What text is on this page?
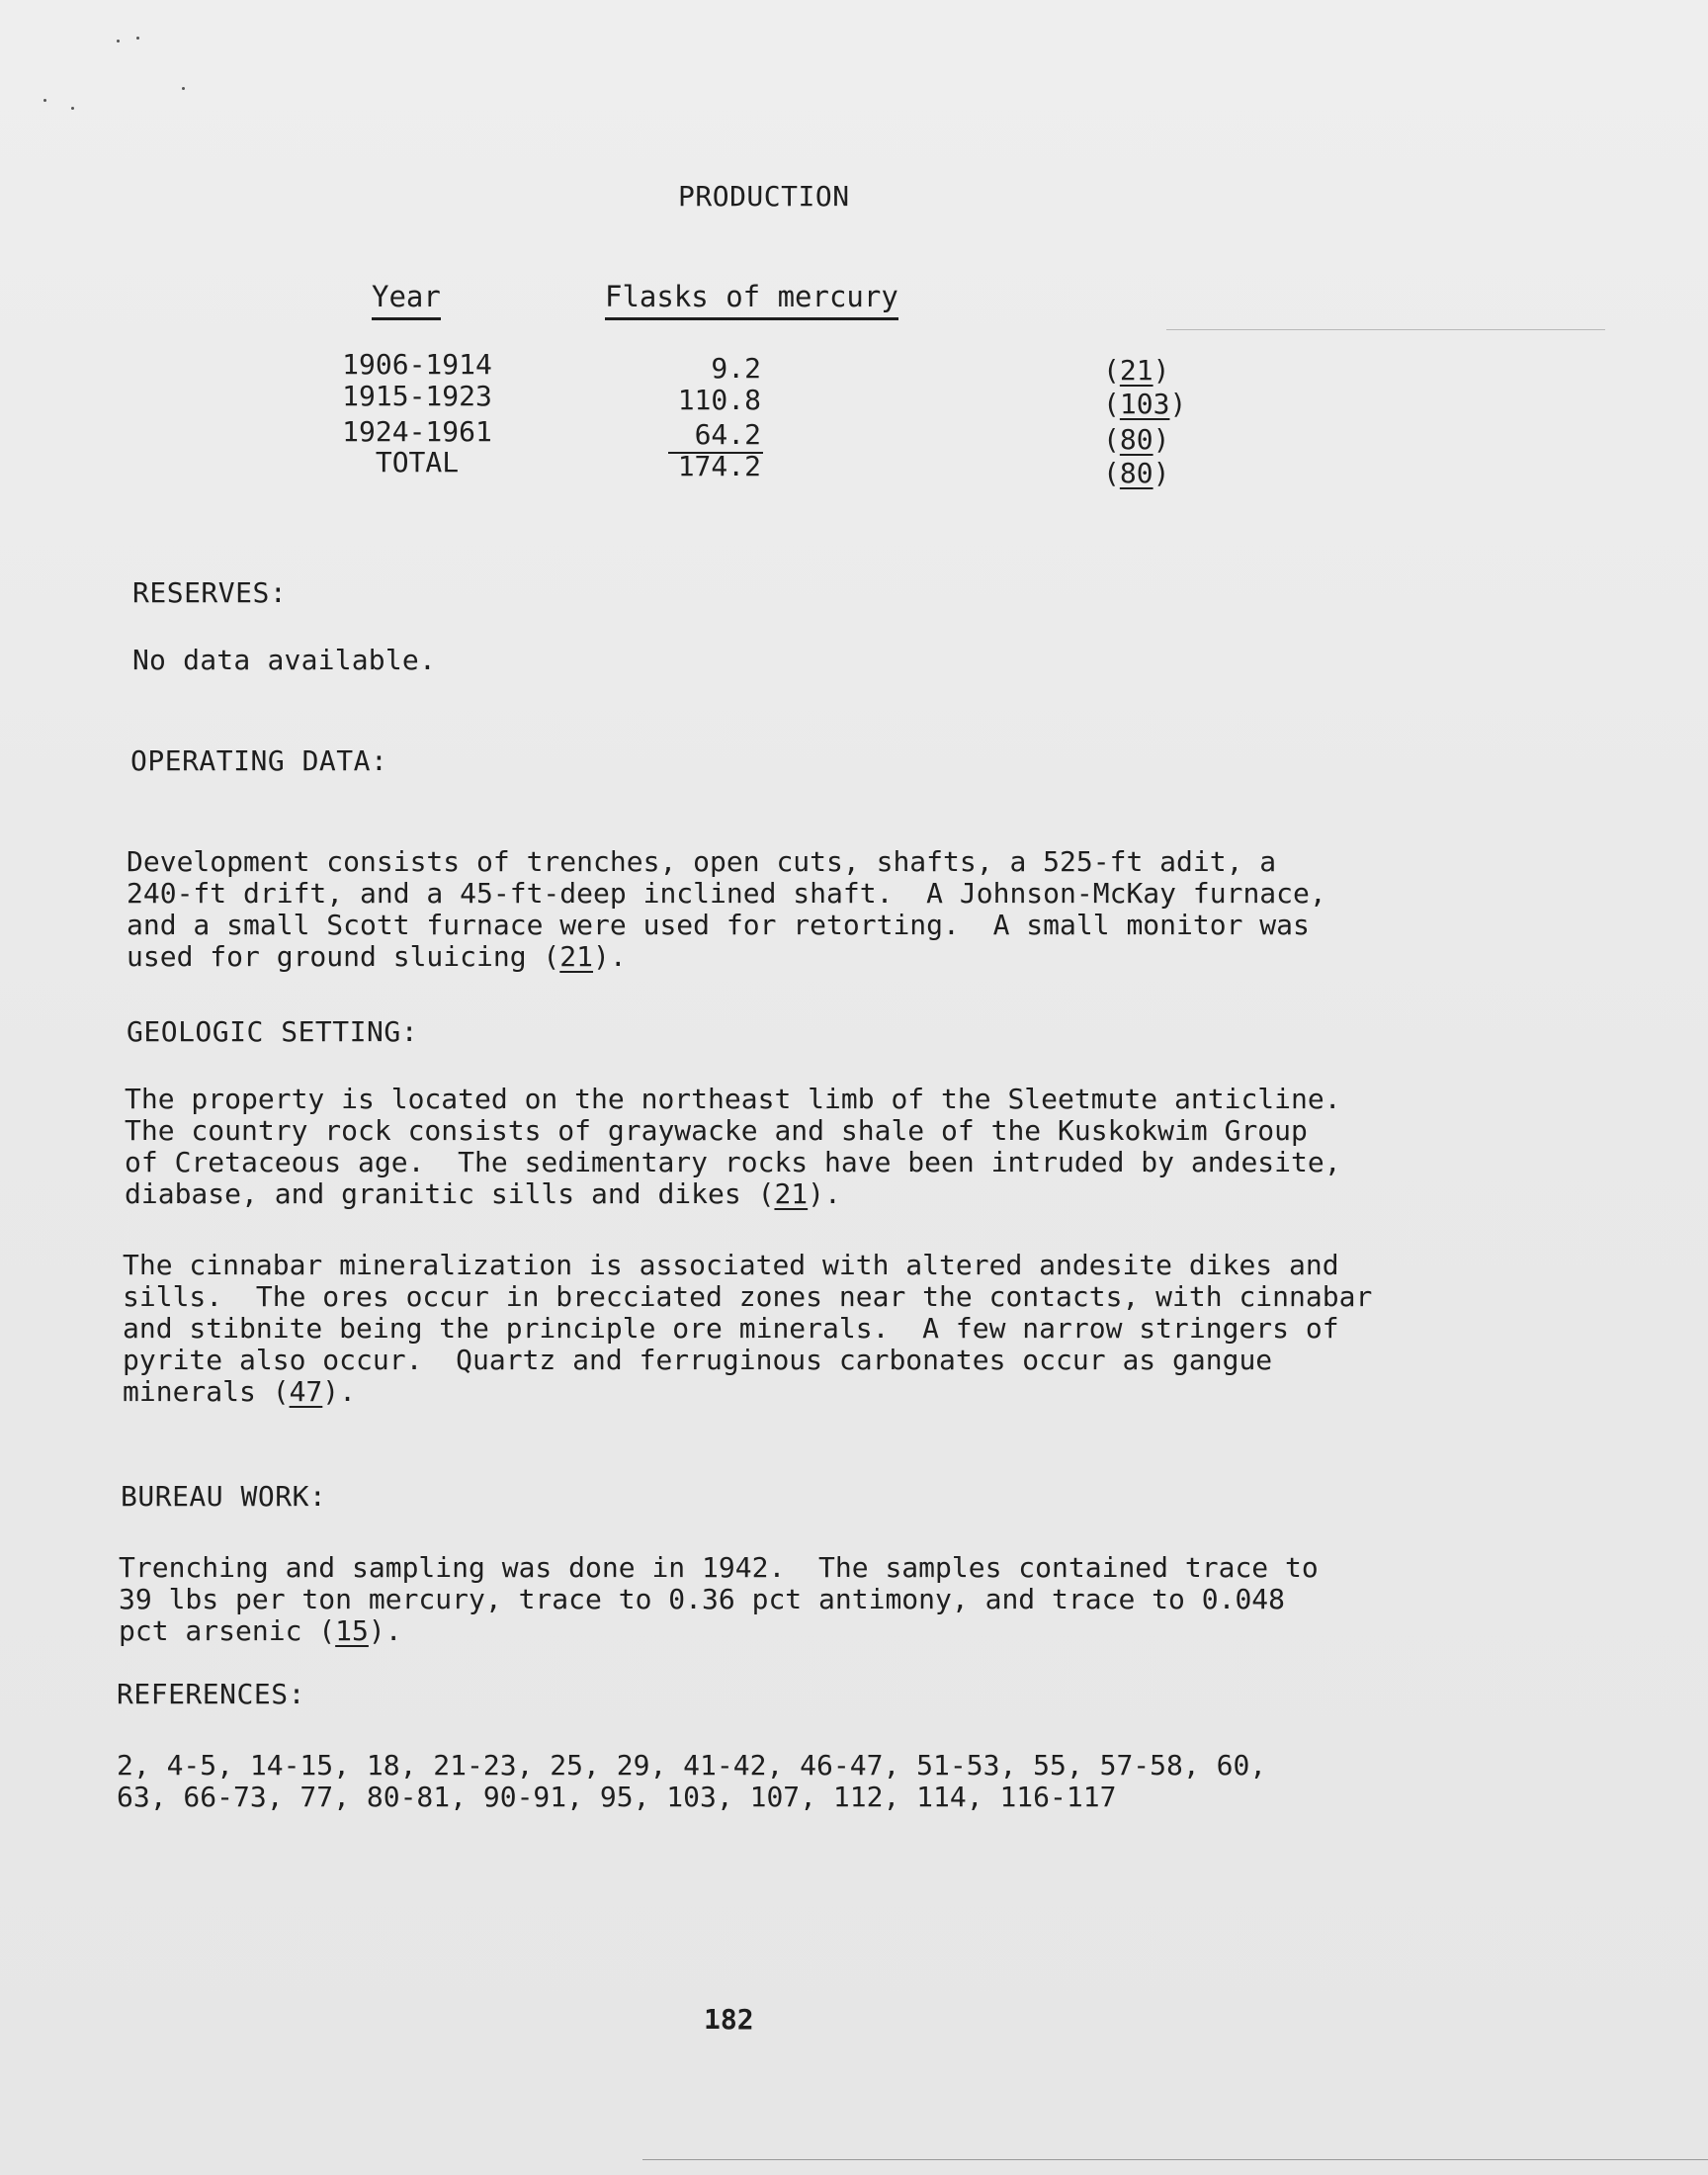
PRODUCTION
Year	Flasks of mercury
1906-1914	9.2	(21)
1915-1923	110.8	(103)
1924-1961	64.2	(80)
TOTAL	174.2	(80)
RESERVES:
No data available.
OPERATING DATA:
Development consists of trenches, open cuts, shafts, a 525-ft adit, a
240-ft drift, and a 45-ft-deep inclined shaft.  A Johnson-McKay furnace,
and a small Scott furnace were used for retorting.  A small monitor was
used for ground sluicing (21).
GEOLOGIC SETTING:
The property is located on the northeast limb of the Sleetmute anticline.
The country rock consists of graywacke and shale of the Kuskokwim Group
of Cretaceous age.  The sedimentary rocks have been intruded by andesite,
diabase, and granitic sills and dikes (21).
The cinnabar mineralization is associated with altered andesite dikes and
sills.  The ores occur in brecciated zones near the contacts, with cinnabar
and stibnite being the principle ore minerals.  A few narrow stringers of
pyrite also occur.  Quartz and ferruginous carbonates occur as gangue
minerals (47).
BUREAU WORK:
Trenching and sampling was done in 1942.  The samples contained trace to
39 lbs per ton mercury, trace to 0.36 pct antimony, and trace to 0.048
pct arsenic (15).
REFERENCES:
2, 4-5, 14-15, 18, 21-23, 25, 29, 41-42, 46-47, 51-53, 55, 57-58, 60,
63, 66-73, 77, 80-81, 90-91, 95, 103, 107, 112, 114, 116-117
182
